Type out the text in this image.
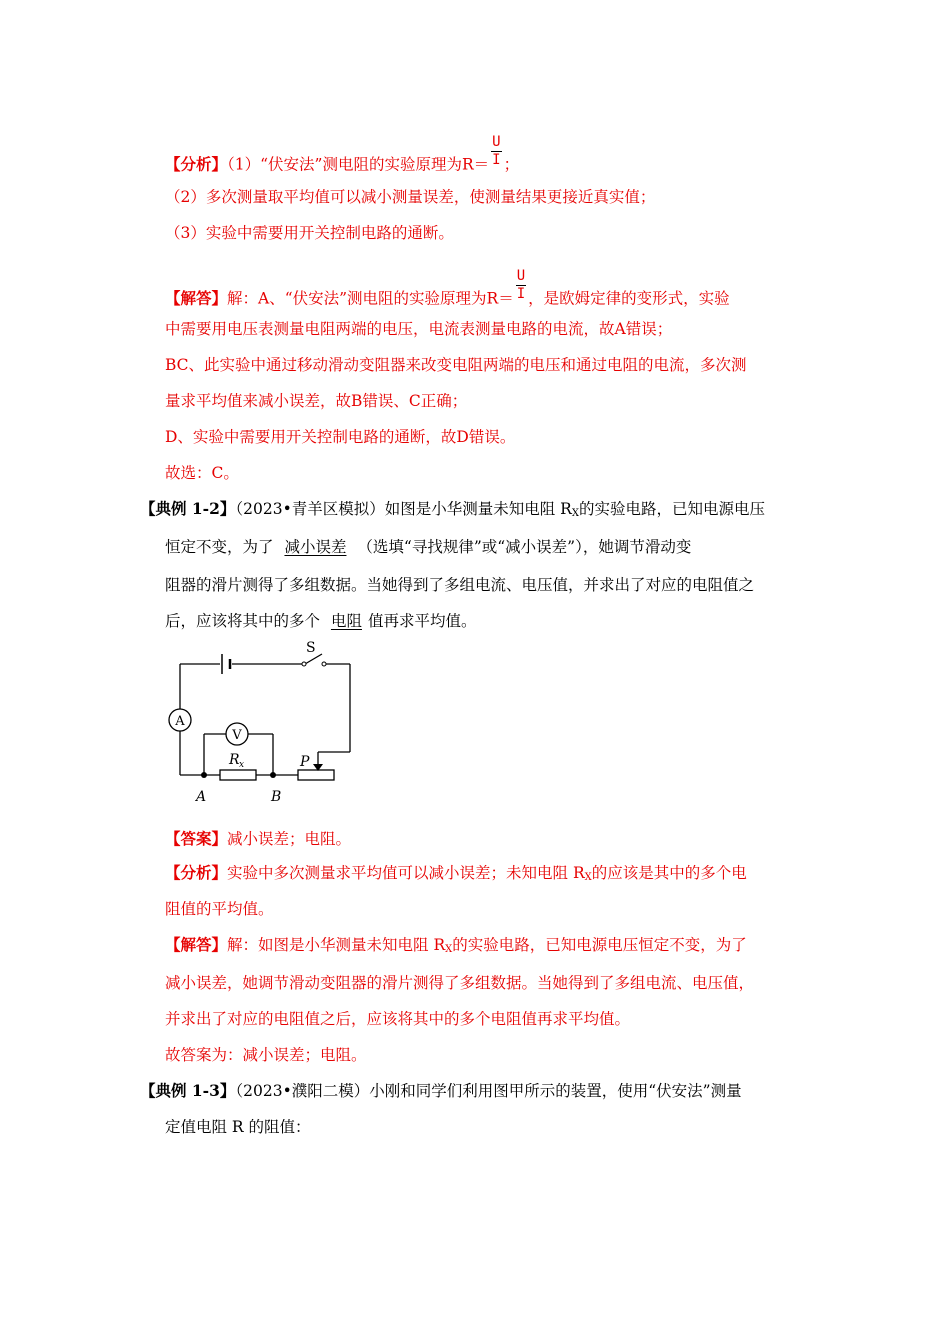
【分析】（1）“伏安法”测电阻的实验原理为$R= \frac{U}{I}$ ；
（2）多次测量取平均值可以减小测量误差，使测量结果更接近真实值；
（3）实验中需要用开关控制电路的通断。
【解答】解：A、“伏安法”测电阻的实验原理为$R= \frac{U}{I}$ ，是欧姆定律的变形式，实验
中需要用电压表测量电阻两端的电压，电流表测量电路的电流，故A错误；
BC、此实验中通过移动滑动变阻器来改变电阻两端的电压和通过电阻的电流，多次测
量求平均值来减小误差，故B错误、C正确；
D、实验中需要用开关控制电路的通断，故D错误。
故选：C。
【典例 1-2】（2023•青羊区模拟）如图是小华测量未知电阻 $R_X$的实验电路，已知电源电压
恒定不变，为了 减小误差 （选填“寻找规律”或“减小误差”），她调节滑动变
阻器的滑片测得了多组数据。当她得到了多组电流、电压值，并求出了对应的电阻值之
后，应该将其中的多个 电阻 值再求平均值。
S
A
V
R x	P
A	B
【答案】减小误差；电阻。
【分析】实验中多次测量求平均值可以减小误差；未知电阻 $R_X$的应该是其中的多个电
阻值的平均值。
【解答】解：如图是小华测量未知电阻 $R_X$的实验电路，已知电源电压恒定不变，为了
减小误差，她调节滑动变阻器的滑片测得了多组数据。当她得到了多组电流、电压值，
并求出了对应的电阻值之后，应该将其中的多个电阻值再求平均值。
故答案为：减小误差；电阻。
【典例 1-3】（2023•濮阳二模）小刚和同学们利用图甲所示的装置，使用“伏安法”测量
定值电阻 R 的阻值：
